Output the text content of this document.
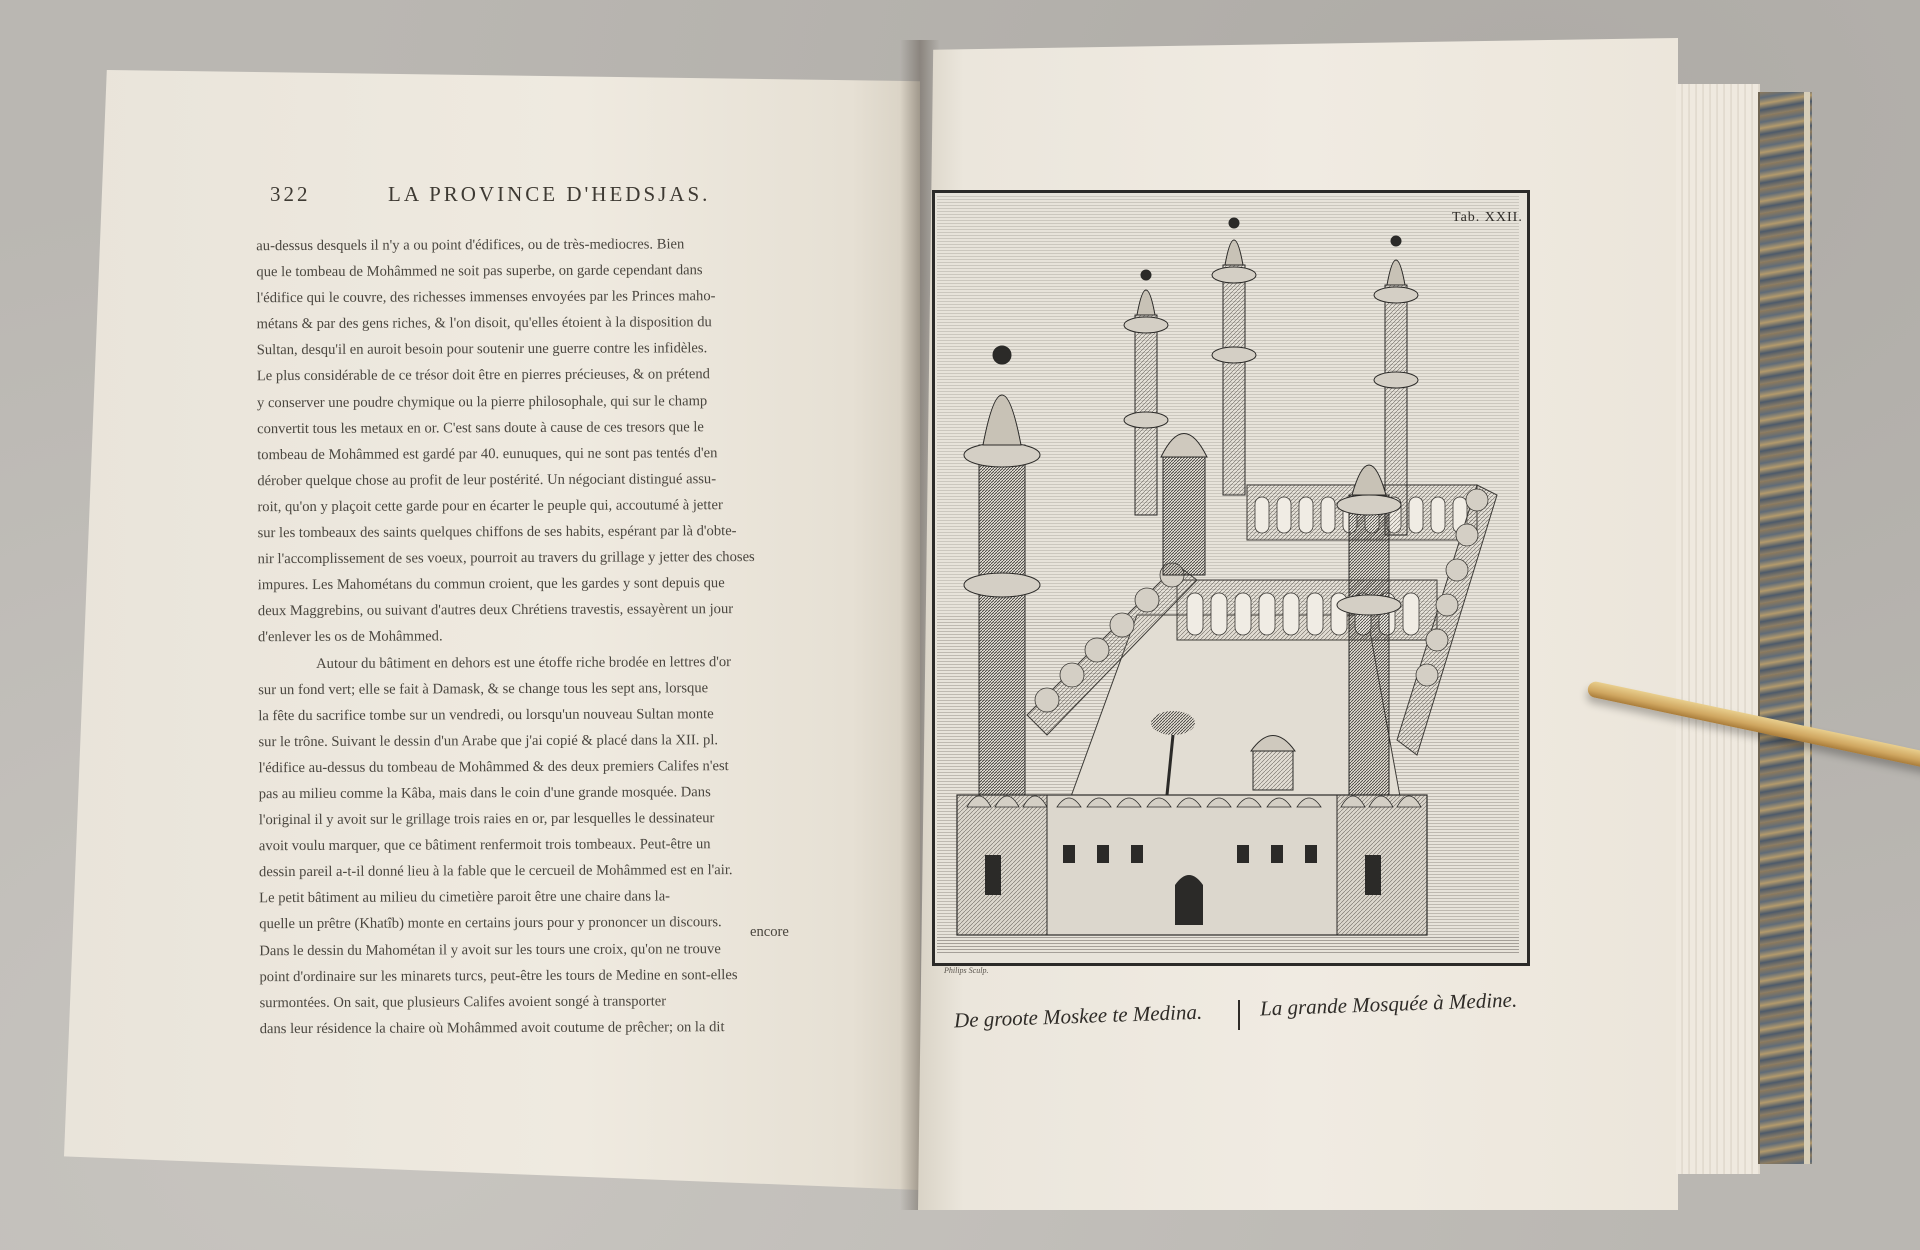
322	LA PROVINCE D'HEDSJAS.

au-dessus desquels il n'y a ou point d'édifices, ou de très-mediocres. Bien

que le tombeau de Mohâmmed ne soit pas superbe, on garde cependant dans

l'édifice qui le couvre, des richesses immenses envoyées par les Princes maho-

métans & par des gens riches, & l'on disoit, qu'elles étoient à la disposition du

Sultan, desqu'il en auroit besoin pour soutenir une guerre contre les infidèles.

Le plus considérable de ce trésor doit être en pierres précieuses, & on prétend

y conserver une poudre chymique ou la pierre philosophale, qui sur le champ

convertit tous les metaux en or. C'est sans doute à cause de ces tresors que le

tombeau de Mohâmmed est gardé par 40. eunuques, qui ne sont pas tentés d'en

dérober quelque chose au profit de leur postérité. Un négociant distingué assu-

roit, qu'on y plaçoit cette garde pour en écarter le peuple qui, accoutumé à jetter

sur les tombeaux des saints quelques chiffons de ses habits, espérant par là d'obte-

nir l'accomplissement de ses voeux, pourroit au travers du grillage y jetter des choses

impures. Les Mahométans du commun croient, que les gardes y sont depuis que

deux Maggrebins, ou suivant d'autres deux Chrétiens travestis, essayèrent un jour

d'enlever les os de Mohâmmed.

Autour du bâtiment en dehors est une étoffe riche brodée en lettres d'or

sur un fond vert; elle se fait à Damask, & se change tous les sept ans, lorsque

la fête du sacrifice tombe sur un vendredi, ou lorsqu'un nouveau Sultan monte

sur le trône. Suivant le dessin d'un Arabe que j'ai copié & placé dans la XII. pl.

l'édifice au-dessus du tombeau de Mohâmmed & des deux premiers Califes n'est

pas au milieu comme la Kâba, mais dans le coin d'une grande mosquée. Dans

l'original il y avoit sur le grillage trois raies en or, par lesquelles le dessinateur

avoit voulu marquer, que ce bâtiment renfermoit trois tombeaux. Peut-être un

dessin pareil a-t-il donné lieu à la fable que le cercueil de Mohâmmed est en l'air.

Le petit bâtiment au milieu du cimetière paroit être une chaire dans la-

quelle un prêtre (Khatîb) monte en certains jours pour y prononcer un discours.

Dans le dessin du Mahométan il y avoit sur les tours une croix, qu'on ne trouve

point d'ordinaire sur les minarets turcs, peut-être les tours de Medine en sont-elles

surmontées. On sait, que plusieurs Califes avoient songé à transporter

dans leur résidence la chaire où Mohâmmed avoit coutume de prêcher; on la dit

encore
Tab. XXII.
Philips Sculp.
De groote Moskee te Medina.	La grande Mosquée à Medine.
